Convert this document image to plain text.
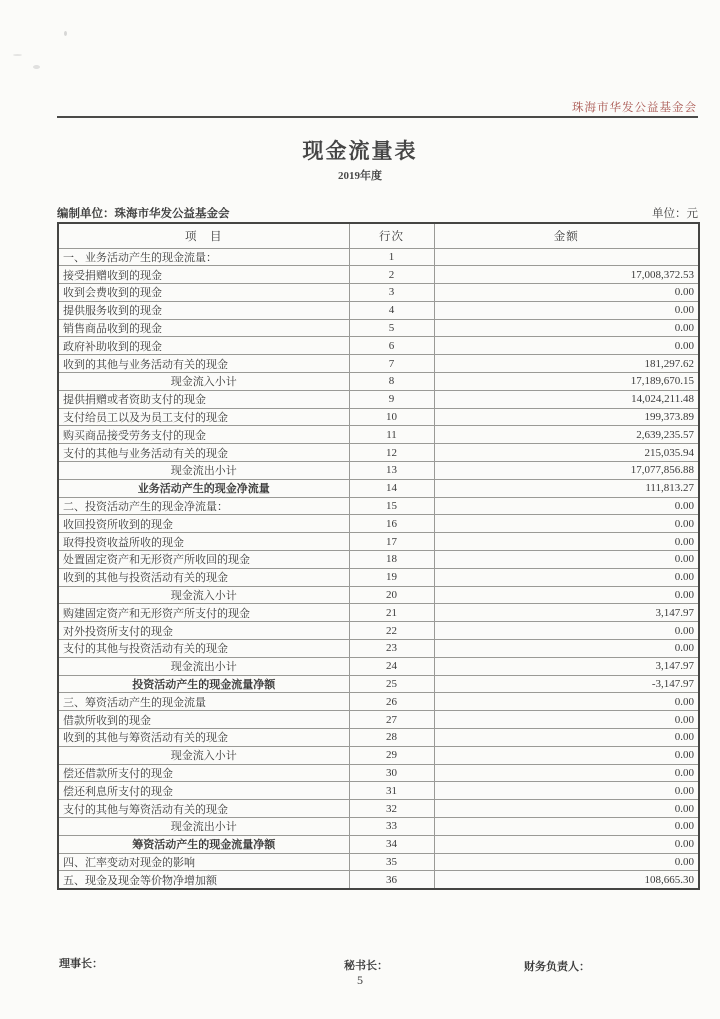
珠海市华发公益基金会
现金流量表
2019年度
编制单位：珠海市华发公益基金会	单位：元
项　目	行次	金额
一、业务活动产生的现金流量：	1	
接受捐赠收到的现金	2	17,008,372.53
收到会费收到的现金	3	0.00
提供服务收到的现金	4	0.00
销售商品收到的现金	5	0.00
政府补助收到的现金	6	0.00
收到的其他与业务活动有关的现金	7	181,297.62
现金流入小计	8	17,189,670.15
提供捐赠或者资助支付的现金	9	14,024,211.48
支付给员工以及为员工支付的现金	10	199,373.89
购买商品接受劳务支付的现金	11	2,639,235.57
支付的其他与业务活动有关的现金	12	215,035.94
现金流出小计	13	17,077,856.88
业务活动产生的现金净流量	14	111,813.27
二、投资活动产生的现金净流量：	15	0.00
收回投资所收到的现金	16	0.00
取得投资收益所收的现金	17	0.00
处置固定资产和无形资产所收回的现金	18	0.00
收到的其他与投资活动有关的现金	19	0.00
现金流入小计	20	0.00
购建固定资产和无形资产所支付的现金	21	3,147.97
对外投资所支付的现金	22	0.00
支付的其他与投资活动有关的现金	23	0.00
现金流出小计	24	3,147.97
投资活动产生的现金流量净额	25	-3,147.97
三、筹资活动产生的现金流量	26	0.00
借款所收到的现金	27	0.00
收到的其他与筹资活动有关的现金	28	0.00
现金流入小计	29	0.00
偿还借款所支付的现金	30	0.00
偿还利息所支付的现金	31	0.00
支付的其他与筹资活动有关的现金	32	0.00
现金流出小计	33	0.00
筹资活动产生的现金流量净额	34	0.00
四、汇率变动对现金的影响	35	0.00
五、现金及现金等价物净增加额	36	108,665.30
理事长：	秘书长：	财务负责人：
5
